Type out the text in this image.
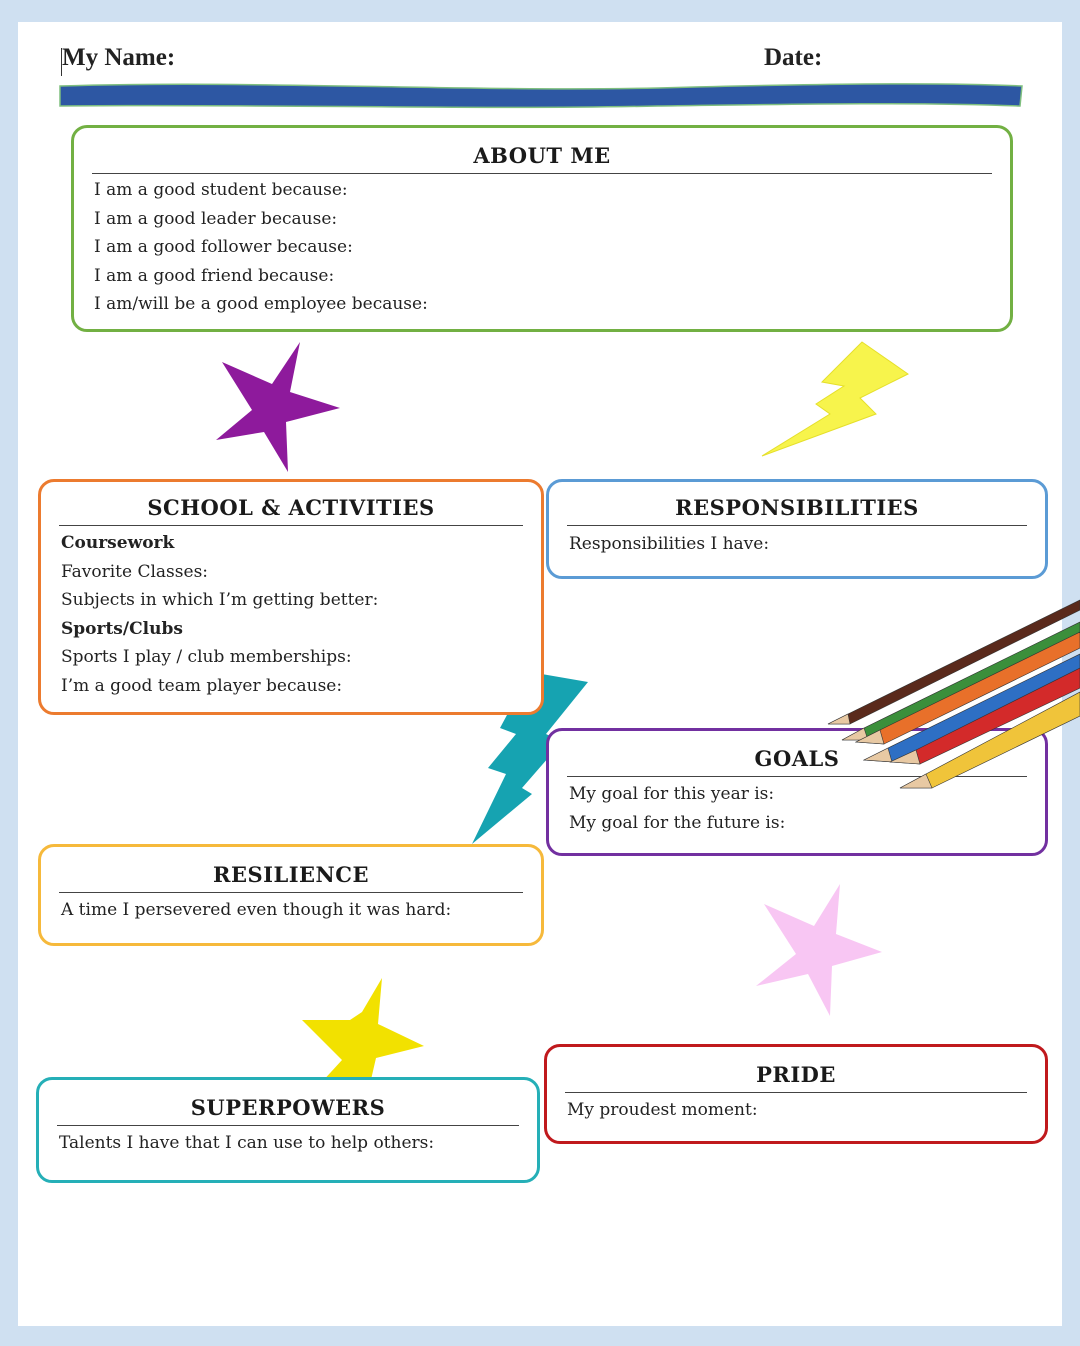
My Name:	Date:
ABOUT ME
I am a good student because:
I am a good leader because:
I am a good follower because:
I am a good friend because:
I am/will be a good employee because:
SCHOOL & ACTIVITIES
Coursework
Favorite Classes:
Subjects in which I’m getting better:
Sports/Clubs
Sports I play / club memberships:
I’m a good team player because:
RESPONSIBILITIES
Responsibilities I have:
GOALS
My goal for this year is:
My goal for the future is:
RESILIENCE
A time I persevered even though it was hard:
PRIDE
My proudest moment:
SUPERPOWERS
Talents I have that I can use to help others:
